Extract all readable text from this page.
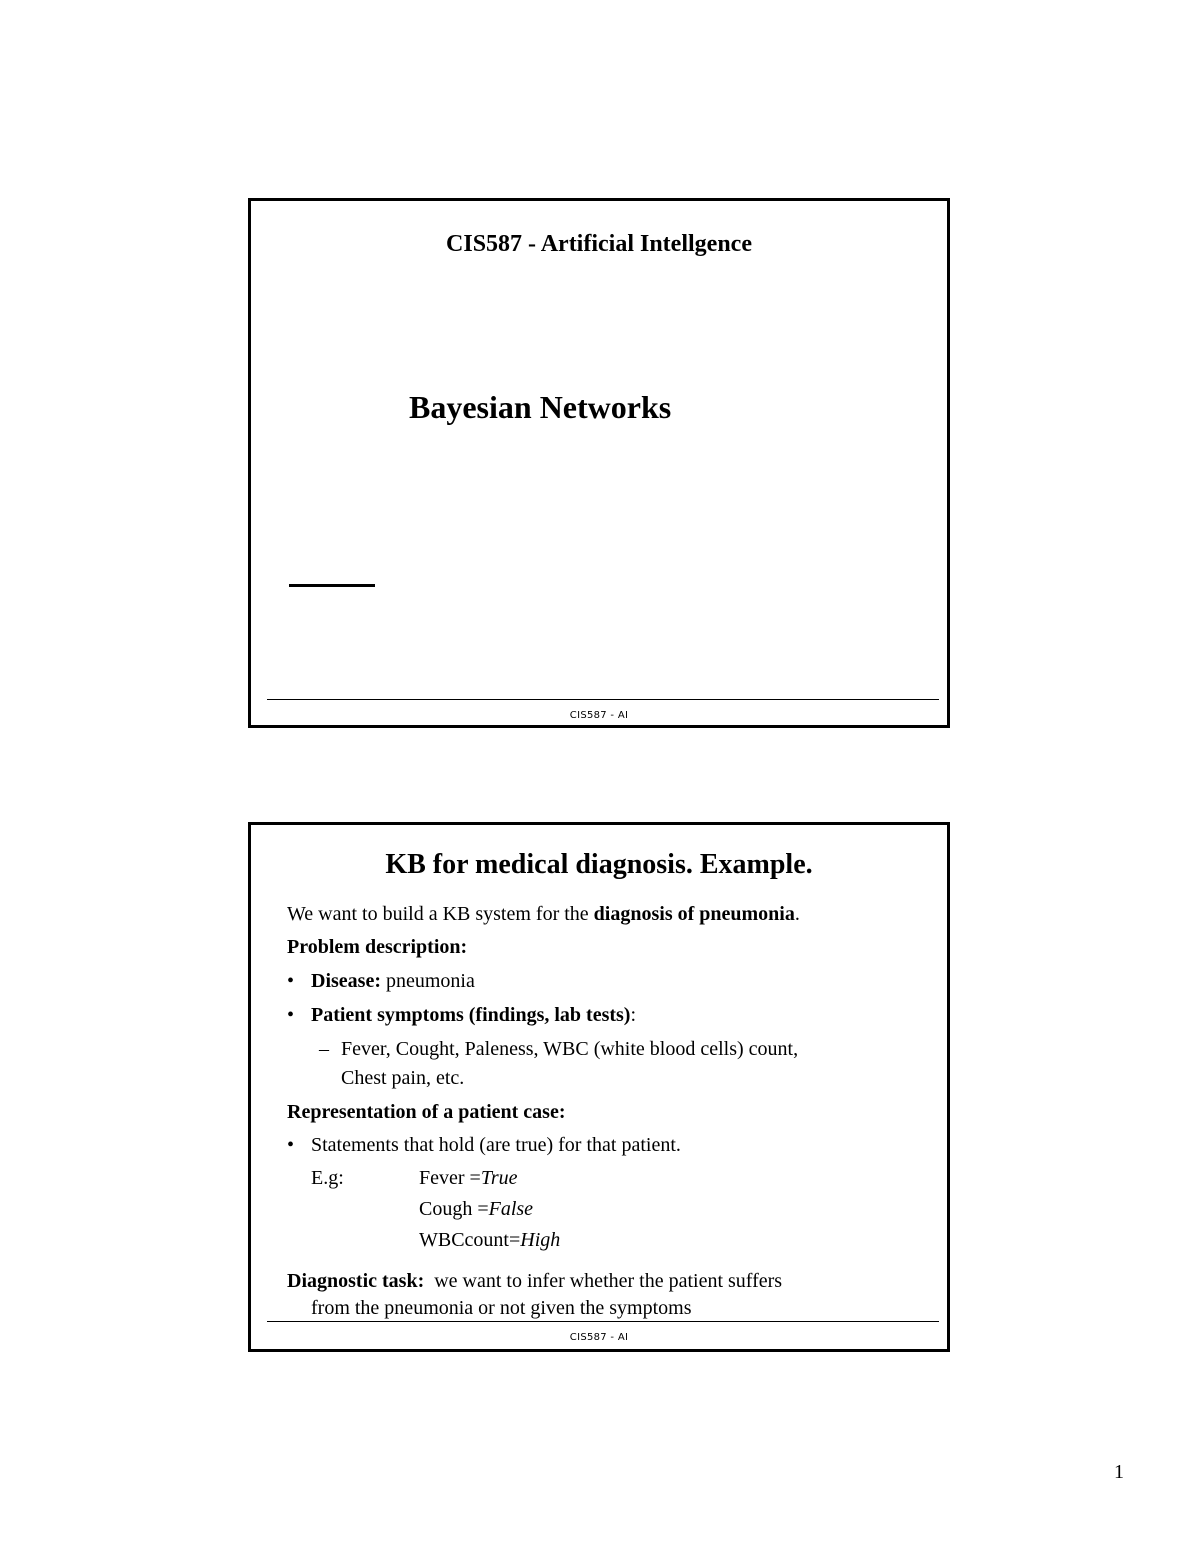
CIS587 - Artificial Intellgence
Bayesian Networks
CIS587 - AI
KB for medical diagnosis. Example.
We want to build a KB system for the diagnosis of pneumonia.
Problem description:
• Disease: pneumonia
• Patient symptoms (findings, lab tests):
– Fever, Cought, Paleness, WBC (white blood cells) count,
Chest pain, etc.
Representation of a patient case:
• Statements that hold (are true) for that patient.
E.g:	Fever =True
Cough =False
WBCcount=High
Diagnostic task:  we want to infer whether the patient suffers
from the pneumonia or not given the symptoms
CIS587 - AI
1
